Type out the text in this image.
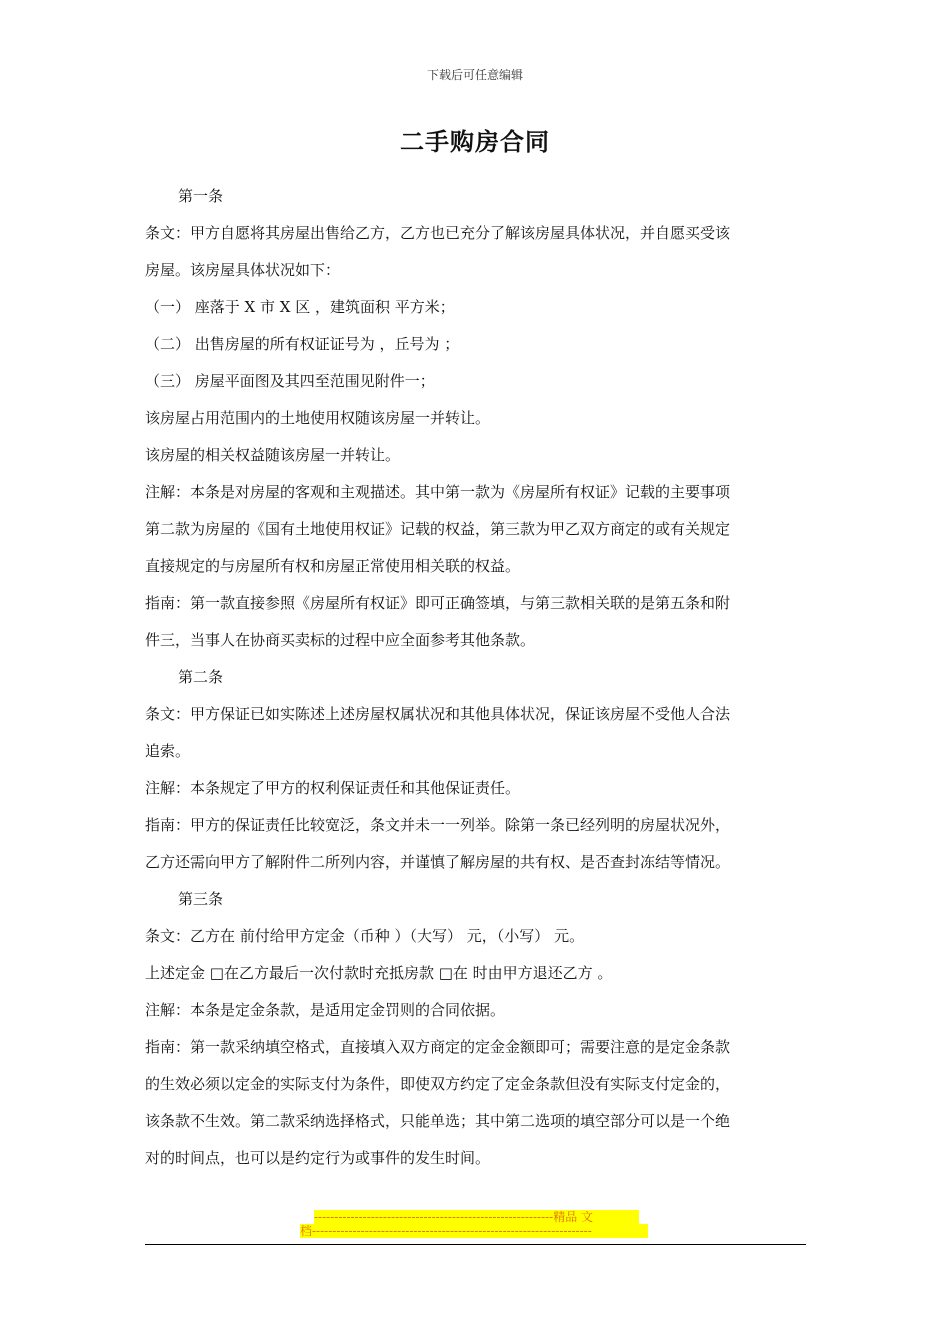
下载后可任意编辑
二手购房合同
第一条
条文：甲方自愿将其房屋出售给乙方，乙方也已充分了解该房屋具体状况，并自愿买受该
房屋。该房屋具体状况如下：
（一） 座落于 X 市 X 区 ，建筑面积 平方米；
（二） 出售房屋的所有权证证号为 ，丘号为 ；
（三） 房屋平面图及其四至范围见附件一；
该房屋占用范围内的土地使用权随该房屋一并转让。
该房屋的相关权益随该房屋一并转让。
注解：本条是对房屋的客观和主观描述。其中第一款为《房屋所有权证》记载的主要事项
第二款为房屋的《国有土地使用权证》记载的权益，第三款为甲乙双方商定的或有关规定
直接规定的与房屋所有权和房屋正常使用相关联的权益。
指南：第一款直接参照《房屋所有权证》即可正确签填，与第三款相关联的是第五条和附
件三，当事人在协商买卖标的过程中应全面参考其他条款。
第二条
条文：甲方保证已如实陈述上述房屋权属状况和其他具体状况，保证该房屋不受他人合法
追索。
注解：本条规定了甲方的权利保证责任和其他保证责任。
指南：甲方的保证责任比较宽泛，条文并未一一列举。除第一条已经列明的房屋状况外，
乙方还需向甲方了解附件二所列内容，并谨慎了解房屋的共有权、是否查封冻结等情况。
第三条
条文：乙方在 前付给甲方定金（币种 ）（大写） 元，（小写） 元。
上述定金 □在乙方最后一次付款时充抵房款 □在 时由甲方退还乙方 。
注解：本条是定金条款，是适用定金罚则的合同依据。
指南：第一款采纳填空格式，直接填入双方商定的定金金额即可；需要注意的是定金条款
的生效必须以定金的实际支付为条件，即使双方约定了定金条款但没有实际支付定金的，
该条款不生效。第二款采纳选择格式，只能单选；其中第二选项的填空部分可以是一个绝
对的时间点，也可以是约定行为或事件的发生时间。
-----------------------------------------------------------精品 文
档---------------------------------------------------------------------
